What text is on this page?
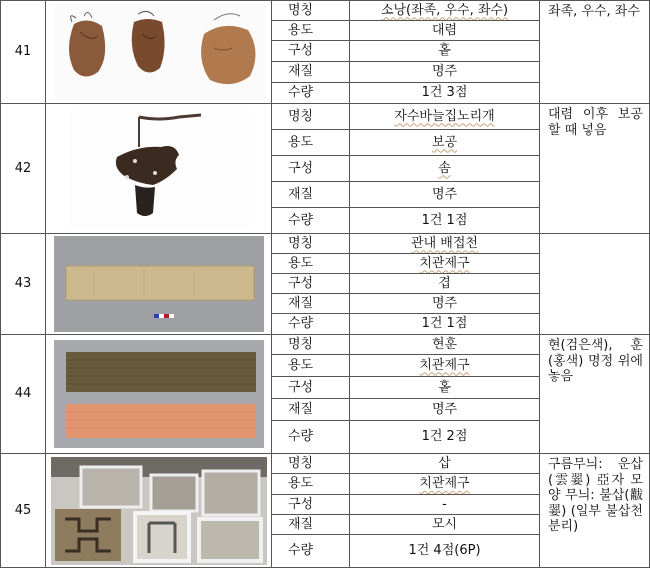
41		명칭	소낭(좌족, 우수, 좌수)	좌족, 우수, 좌수
		용도	대렴	
		구성	홑	
		재질	명주	
		수량	1건 3점	
42		명칭	자수바늘집노리개	대렴 이후 보공할 때 넣음
		용도	보공	
		구성	솜	
		재질	명주	
		수량	1건 1점	
43		명칭	관내 배접천	
		용도	치관제구	
		구성	겹	
		재질	명주	
		수량	1건 1점	
44		명칭	현훈	현(검은색), 훈(홍색) 명정 위에 놓음
		용도	치관제구	
		구성	홑	
		재질	명주	
		수량	1건 2점	
45		명칭	삽	구름무늬: 운삽(雲翣) 亞자 모양 무늬: 불삽(黻翣) (일부 불삽천 분리)
		용도	치관제구	
		구성	-	
		재질	모시	
		수량	1건 4점(6P)	
